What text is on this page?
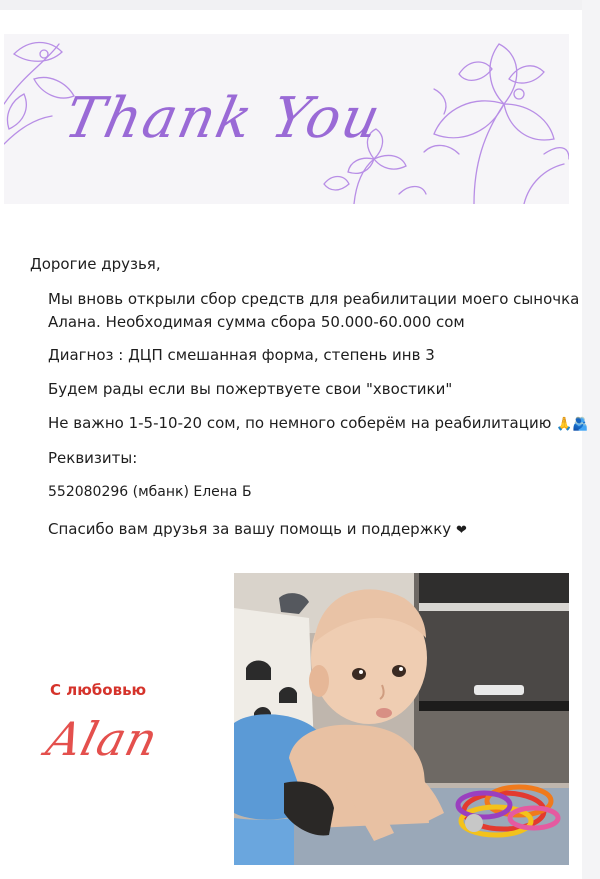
Thank You
Дорогие друзья,
Мы вновь открыли сбор средств для реабилитации моего сыночка Алана. Необходимая сумма сбора 50.000-60.000 сом
Диагноз : ДЦП смешанная форма, степень инв 3
Будем рады если вы пожертвуете свои "хвостики"
Не важно 1-5-10-20 сом, по немного соберём на реабилитацию 🙏🫂
Реквизиты:
552080296 (мбанк) Елена Б
Спасибо вам друзья за вашу помощь и поддержку ❤
С любовью
Alan
